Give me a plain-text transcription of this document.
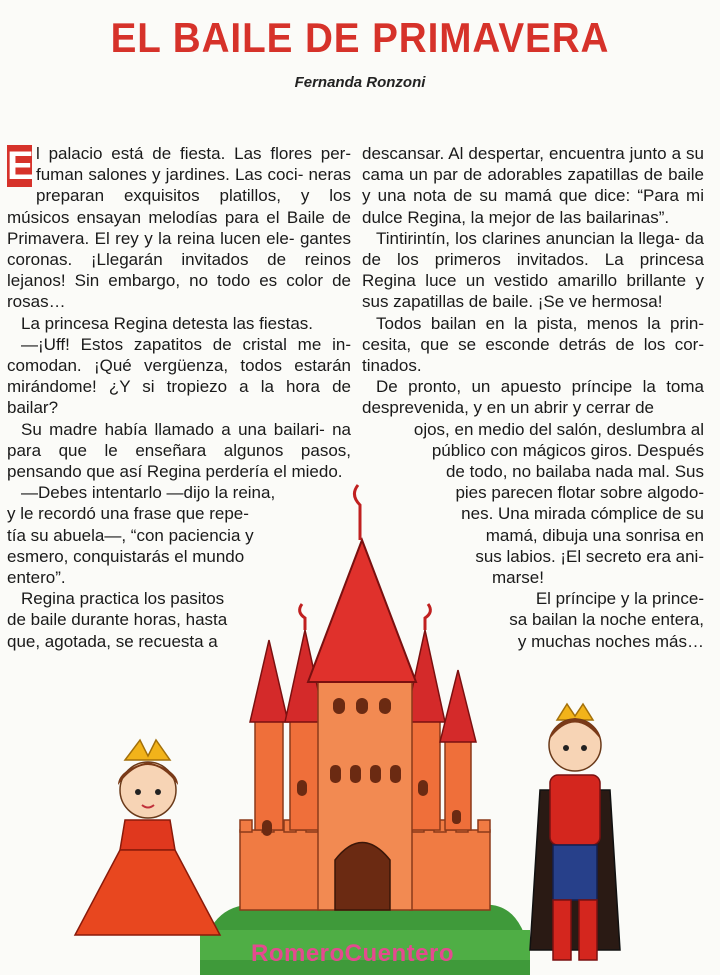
EL BAILE DE PRIMAVERA
Fernanda Ronzoni

E l palacio está de fiesta. Las flores per- fuman salones y jardines. Las coci- neras preparan exquisitos platillos, y los músicos ensayan melodías para el Baile de Primavera. El rey y la reina lucen ele- gantes coronas. ¡Llegarán invitados de reinos lejanos! Sin embargo, no todo es color de rosas…

La princesa Regina detesta las fiestas.

—¡Uff! Estos zapatitos de cristal me in- comodan. ¡Qué vergüenza, todos estarán mirándome! ¿Y si tropiezo a la hora de bailar?

Su madre había llamado a una bailari- na para que le enseñara algunos pasos, pensando que así Regina perdería el miedo.

—Debes intentarlo —dijo la reina,
y le recordó una frase que repe-
tía su abuela—, “con paciencia y
esmero, conquistarás el mundo
entero”.
Regina practica los pasitos
de baile durante horas, hasta
que, agotada, se recuesta a

descansar. Al despertar, encuentra junto a su cama un par de adorables zapatillas de baile y una nota de su mamá que dice: “Para mi dulce Regina, la mejor de las bailarinas”.

Tintirintín, los clarines anuncian la llega- da de los primeros invitados. La princesa Regina luce un vestido amarillo brillante y sus zapatillas de baile. ¡Se ve hermosa!

Todos bailan en la pista, menos la prin- cesita, que se esconde detrás de los cor- tinados.

De pronto, un apuesto príncipe la toma desprevenida, y en un abrir y cerrar de

ojos, en medio del salón, deslumbra al
público con mágicos giros. Después
de todo, no bailaba nada mal. Sus
pies parecen flotar sobre algodo-
nes. Una mirada cómplice de su
mamá, dibuja una sonrisa en
sus labios. ¡El secreto era ani-
marse!
El príncipe y la prince-
sa bailan la noche entera,
y muchas noches más…
RomeroCuentero
